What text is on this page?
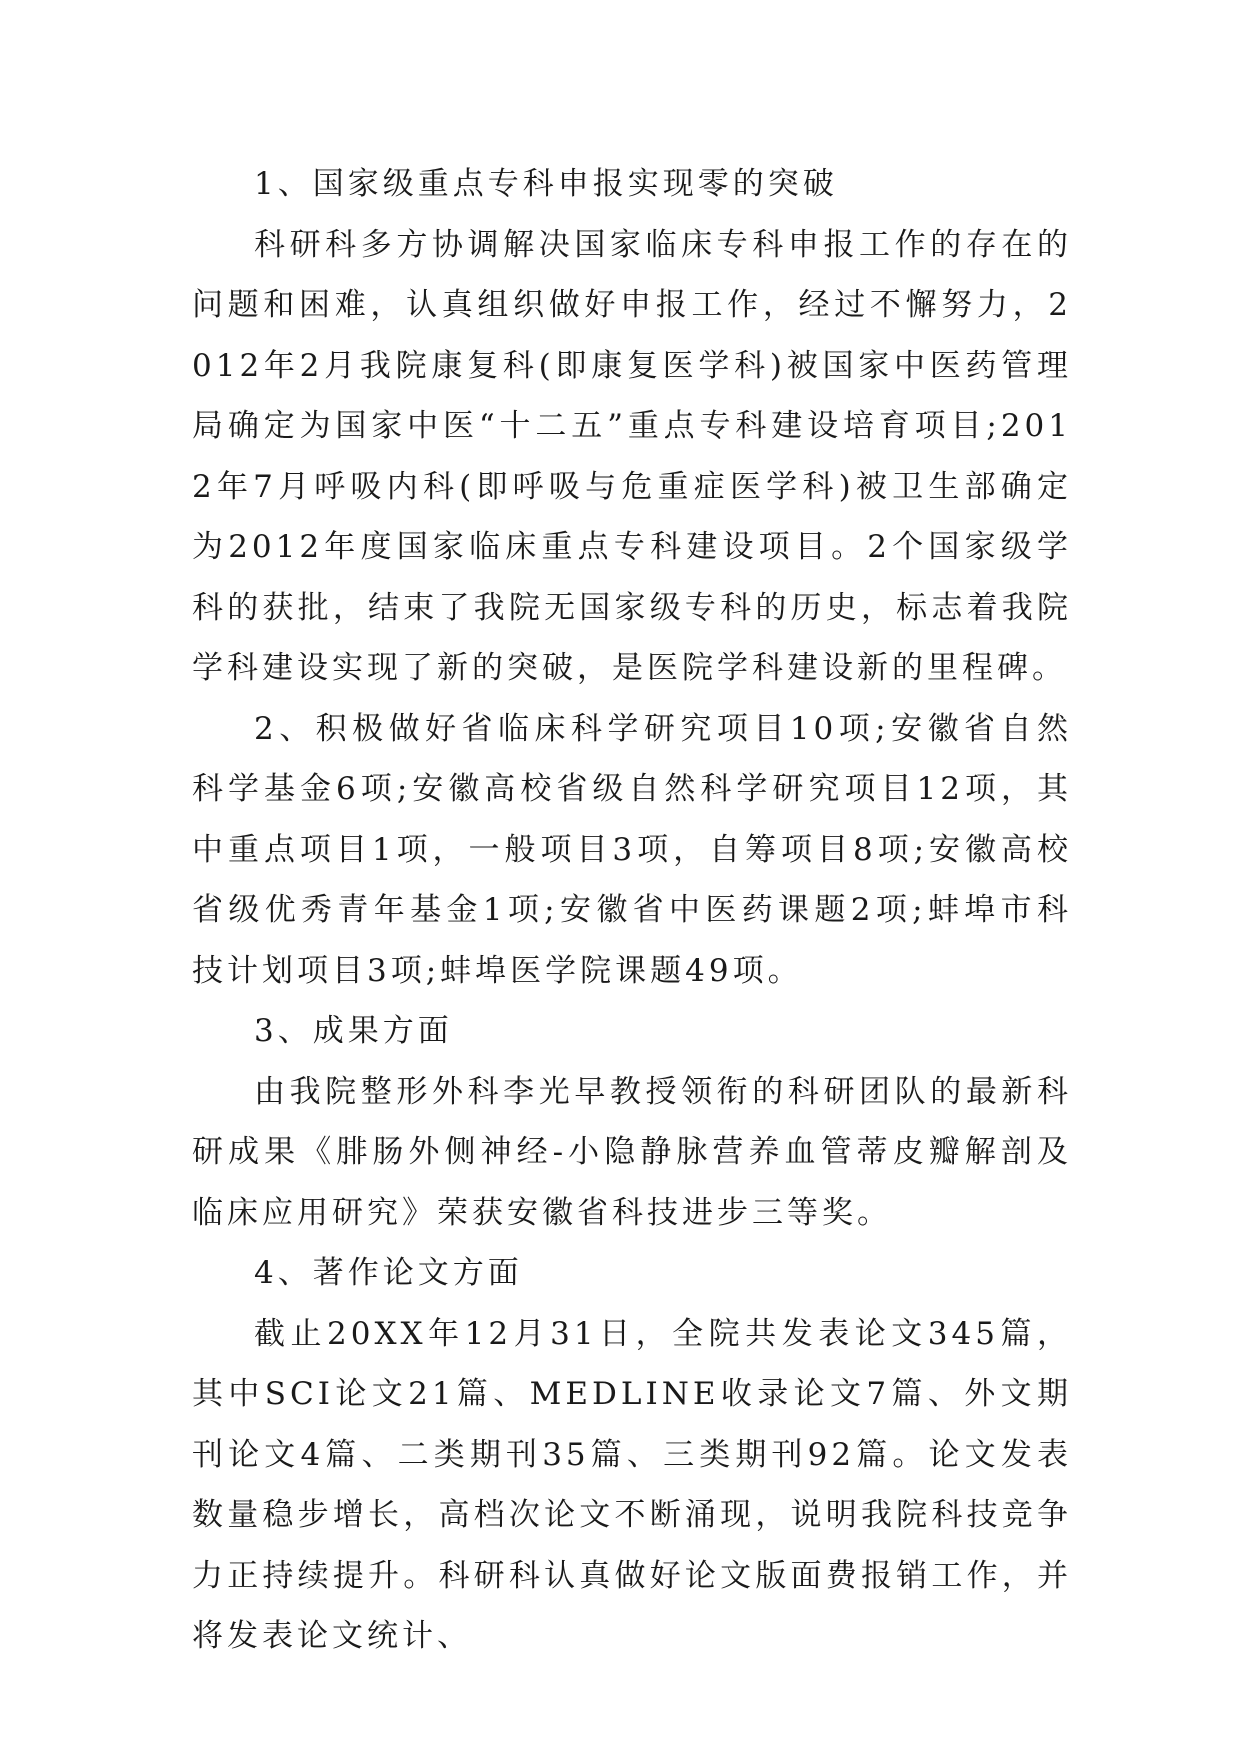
1、国家级重点专科申报实现零的突破

科研科多方协调解决国家临床专科申报工作的存在的问题和困难，认真组织做好申报工作，经过不懈努力，2012年2月我院康复科(即康复医学科)被国家中医药管理局确定为国家中医“十二五”重点专科建设培育项目;2012年7月呼吸内科(即呼吸与危重症医学科)被卫生部确定为2012年度国家临床重点专科建设项目。2个国家级学科的获批，结束了我院无国家级专科的历史，标志着我院学科建设实现了新的突破，是医院学科建设新的里程碑。

2、积极做好省临床科学研究项目10项;安徽省自然科学基金6项;安徽高校省级自然科学研究项目12项，其中重点项目1项，一般项目3项，自筹项目8项;安徽高校省级优秀青年基金1项;安徽省中医药课题2项;蚌埠市科技计划项目3项;蚌埠医学院课题49项。

3、成果方面

由我院整形外科李光早教授领衔的科研团队的最新科研成果《腓肠外侧神经-小隐静脉营养血管蒂皮瓣解剖及临床应用研究》荣获安徽省科技进步三等奖。

4、著作论文方面

截止20XX年12月31日，全院共发表论文345篇，其中SCI论文21篇、MEDLINE收录论文7篇、外文期刊论文4篇、二类期刊35篇、三类期刊92篇。论文发表数量稳步增长，高档次论文不断涌现，说明我院科技竞争力正持续提升。科研科认真做好论文版面费报销工作，并将发表论文统计、
